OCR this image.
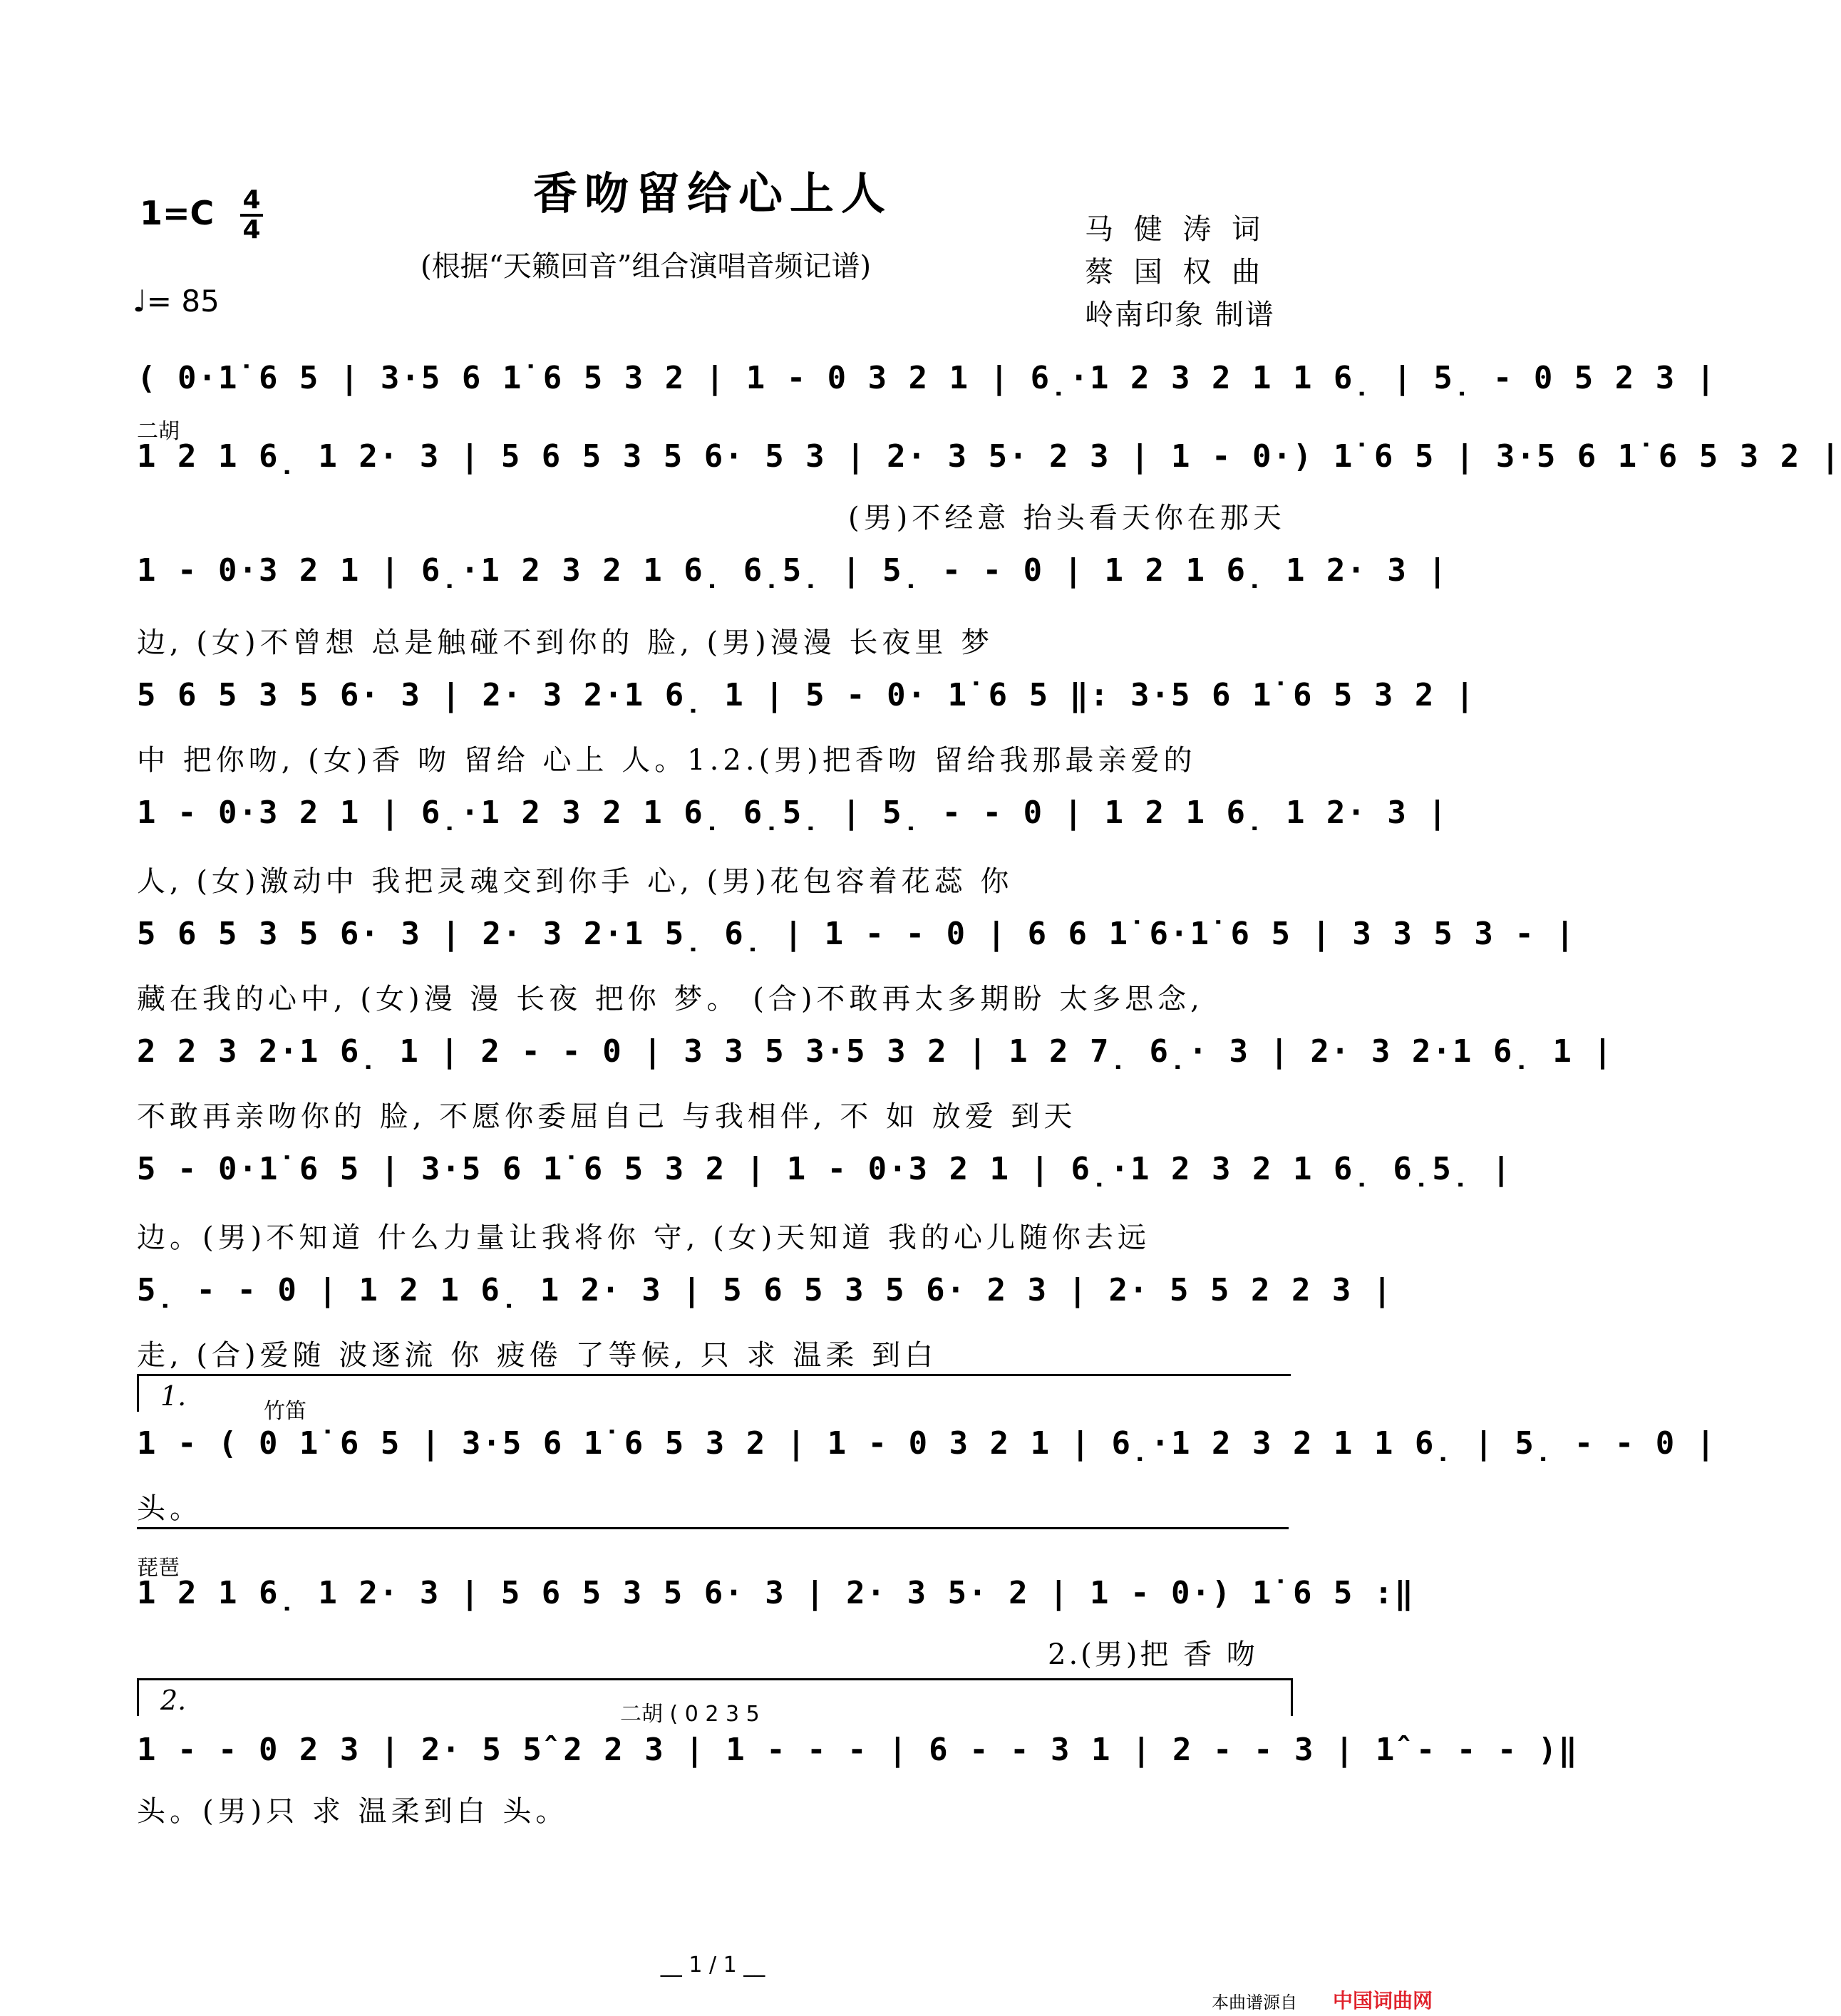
香吻留给心上人
(根据“天籁回音”组合演唱音频记谱)
1=C 4
4
♩= 85
马 健 涛 词
蔡 国 权 曲
岭南印象 制谱
( 0·1̇ 6 5 | 3·5 6 1̇ 6 5 3 2 | 1 - 0 3 2 1 | 6̣·1 2 3 2 1 1 6̣ | 5̣ - 0 5 2 3 |
二胡
1 2 1 6̣ 1 2· 3 | 5 6 5 3 5 6· 5 3 | 2· 3 5· 2 3 | 1 - 0·) 1̇ 6 5 | 3·5 6 1̇ 6 5 3 2 |
(男)不经意 抬头看天你在那天
1 - 0·3 2 1 | 6̣·1 2 3 2 1 6̣ 6̣5̣ | 5̣ - - 0 | 1 2 1 6̣ 1 2· 3 |
边, (女)不曾想 总是触碰不到你的 脸, (男)漫漫 长夜里 梦
5 6 5 3 5 6· 3 | 2· 3 2·1 6̣ 1 | 5 - 0· 1̇ 6 5 ‖: 3·5 6 1̇ 6 5 3 2 |
中 把你吻, (女)香 吻 留给 心上 人。1.2.(男)把香吻 留给我那最亲爱的
1 - 0·3 2 1 | 6̣·1 2 3 2 1 6̣ 6̣5̣ | 5̣ - - 0 | 1 2 1 6̣ 1 2· 3 |
人, (女)激动中 我把灵魂交到你手 心, (男)花包容着花蕊 你
5 6 5 3 5 6· 3 | 2· 3 2·1 5̣ 6̣ | 1 - - 0 | 6 6 1̇ 6·1̇ 6 5 | 3 3 5 3 - |
藏在我的心中, (女)漫 漫 长夜 把你 梦。 (合)不敢再太多期盼 太多思念,
2 2 3 2·1 6̣ 1 | 2 - - 0 | 3 3 5 3·5 3 2 | 1 2 7̣ 6̣· 3 | 2· 3 2·1 6̣ 1 |
不敢再亲吻你的 脸, 不愿你委屈自己 与我相伴, 不 如 放爱 到天
5 - 0·1̇ 6 5 | 3·5 6 1̇ 6 5 3 2 | 1 - 0·3 2 1 | 6̣·1 2 3 2 1 6̣ 6̣5̣ |
边。(男)不知道 什么力量让我将你 守, (女)天知道 我的心儿随你去远
5̣ - - 0 | 1 2 1 6̣ 1 2· 3 | 5 6 5 3 5 6· 2 3 | 2· 5 5 2 2 3 |
走, (合)爱随 波逐流 你 疲倦 了等候, 只 求 温柔 到白
1.	竹笛
1 - ( 0 1̇ 6 5 | 3·5 6 1̇ 6 5 3 2 | 1 - 0 3 2 1 | 6̣·1 2 3 2 1 1 6̣ | 5̣ - - 0 |
头。
琵琶
1 2 1 6̣ 1 2· 3 | 5 6 5 3 5 6· 3 | 2· 3 5· 2 | 1 - 0·) 1̇ 6 5 :‖
2.(男)把 香 吻
2.	二胡 ( 0 2 3 5
1 - - 0 2 3 | 2· 5 5̂ 2 2 3 | 1 - - - | 6 - - 3 1 | 2 - - 3 | 1̂ - - - )‖
头。(男)只 求 温柔到白 头。
__ 1 / 1 __
本曲谱源自 中国词曲网
